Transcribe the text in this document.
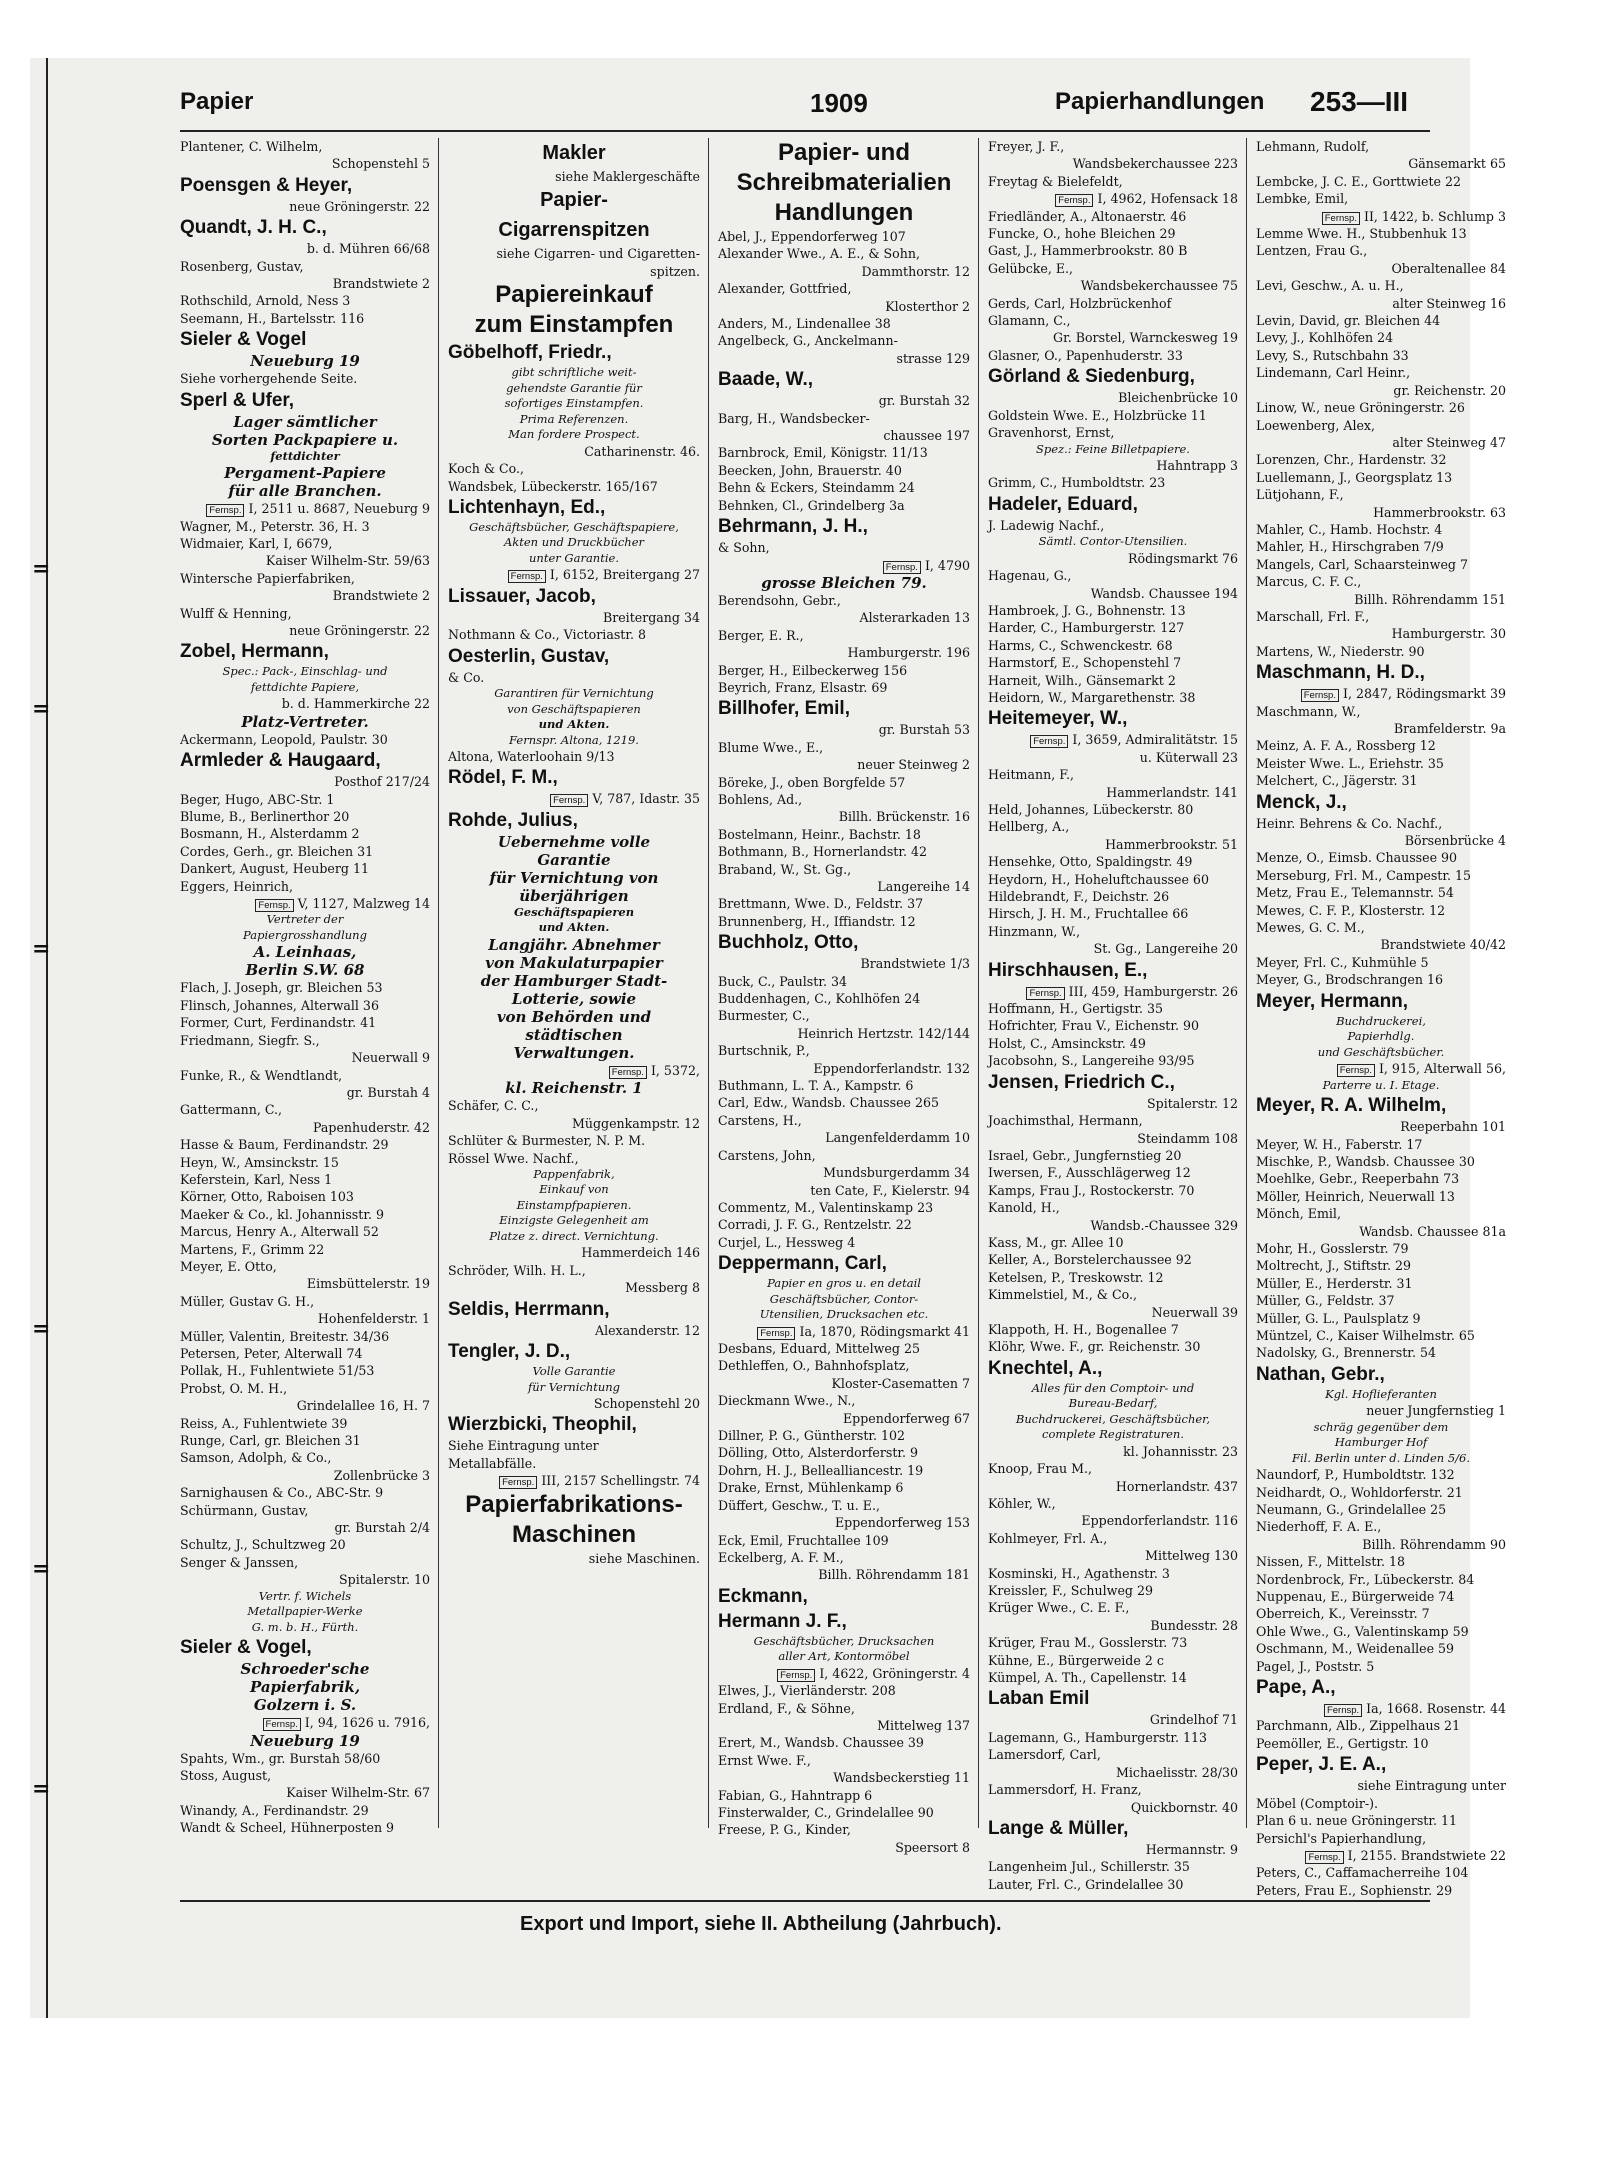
=
=
=
=
=
=
Papier	1909	Papierhandlungen 253—III

Plantener, C. Wilhelm,

Schopenstehl 5

Poensgen & Heyer,

neue Gröningerstr. 22

Quandt, J. H. C.,

b. d. Mühren 66/68

Rosenberg, Gustav,

Brandstwiete 2

Rothschild, Arnold, Ness 3

Seemann, H., Bartelsstr. 116

Sieler & Vogel

Neueburg 19

Siehe vorhergehende Seite.

Sperl & Ufer,

Lager sämtlicher

Sorten Packpapiere u.

fettdichter

Pergament-Papiere

für alle Branchen.

Fernsp. I, 2511 u. 8687, Neueburg 9

Wagner, M., Peterstr. 36, H. 3

Widmaier, Karl, I, 6679,

Kaiser Wilhelm-Str. 59/63

Wintersche Papierfabriken,

Brandstwiete 2

Wulff & Henning,

neue Gröningerstr. 22

Zobel, Hermann,

Spec.: Pack-, Einschlag- und

fettdichte Papiere,

b. d. Hammerkirche 22

Platz-Vertreter.

Ackermann, Leopold, Paulstr. 30

Armleder & Haugaard,

Posthof 217/24

Beger, Hugo, ABC-Str. 1

Blume, B., Berlinerthor 20

Bosmann, H., Alsterdamm 2

Cordes, Gerh., gr. Bleichen 31

Dankert, August, Heuberg 11

Eggers, Heinrich,

Fernsp. V, 1127, Malzweg 14

Vertreter der

Papiergrosshandlung

A. Leinhaas,

Berlin S.W. 68

Flach, J. Joseph, gr. Bleichen 53

Flinsch, Johannes, Alterwall 36

Former, Curt, Ferdinandstr. 41

Friedmann, Siegfr. S.,

Neuerwall 9

Funke, R., & Wendtlandt,

gr. Burstah 4

Gattermann, C.,

Papenhuderstr. 42

Hasse & Baum, Ferdinandstr. 29

Heyn, W., Amsinckstr. 15

Keferstein, Karl, Ness 1

Körner, Otto, Raboisen 103

Maeker & Co., kl. Johannisstr. 9

Marcus, Henry A., Alterwall 52

Martens, F., Grimm 22

Meyer, E. Otto,

Eimsbüttelerstr. 19

Müller, Gustav G. H.,

Hohenfelderstr. 1

Müller, Valentin, Breitestr. 34/36

Petersen, Peter, Alterwall 74

Pollak, H., Fuhlentwiete 51/53

Probst, O. M. H.,

Grindelallee 16, H. 7

Reiss, A., Fuhlentwiete 39

Runge, Carl, gr. Bleichen 31

Samson, Adolph, & Co.,

Zollenbrücke 3

Sarnighausen & Co., ABC-Str. 9

Schürmann, Gustav,

gr. Burstah 2/4

Schultz, J., Schultzweg 20

Senger & Janssen,

Spitalerstr. 10

Vertr. f. Wichels

Metallpapier-Werke

G. m. b. H., Fürth.

Sieler & Vogel,

Schroeder'sche

Papierfabrik,

Golzern i. S.

Fernsp. I, 94, 1626 u. 7916,

Neueburg 19

Spahts, Wm., gr. Burstah 58/60

Stoss, August,

Kaiser Wilhelm-Str. 67

Winandy, A., Ferdinandstr. 29

Wandt & Scheel, Hühnerposten 9

Makler

siehe Maklergeschäfte

Papier-

Cigarrenspitzen

siehe Cigarren- und Cigaretten-

spitzen.

Papiereinkauf

zum Einstampfen

Göbelhoff, Friedr.,

gibt schriftliche weit-

gehendste Garantie für

sofortiges Einstampfen.

Prima Referenzen.

Man fordere Prospect.

Catharinenstr. 46.

Koch & Co.,

Wandsbek, Lübeckerstr. 165/167

Lichtenhayn, Ed.,

Geschäftsbücher, Geschäftspapiere,

Akten und Druckbücher

unter Garantie.

Fernsp. I, 6152, Breitergang 27

Lissauer, Jacob,

Breitergang 34

Nothmann & Co., Victoriastr. 8

Oesterlin, Gustav,

& Co.

Garantiren für Vernichtung

von Geschäftspapieren

und Akten.

Fernspr. Altona, 1219.

Altona, Waterloohain 9/13

Rödel, F. M.,

Fernsp. V, 787, Idastr. 35

Rohde, Julius,

Uebernehme volle

Garantie

für Vernichtung von

überjährigen

Geschäftspapieren

und Akten.

Langjähr. Abnehmer

von Makulaturpapier

der Hamburger Stadt-

Lotterie, sowie

von Behörden und

städtischen

Verwaltungen.

Fernsp. I, 5372,

kl. Reichenstr. 1

Schäfer, C. C.,

Müggenkampstr. 12

Schlüter & Burmester, N. P. M.

Rössel Wwe. Nachf.,

Pappenfabrik,

Einkauf von

Einstampfpapieren.

Einzigste Gelegenheit am

Platze z. direct. Vernichtung.

Hammerdeich 146

Schröder, Wilh. H. L.,

Messberg 8

Seldis, Herrmann,

Alexanderstr. 12

Tengler, J. D.,

Volle Garantie

für Vernichtung

Schopenstehl 20

Wierzbicki, Theophil,

Siehe Eintragung unter

Metallabfälle.

Fernsp. III, 2157 Schellingstr. 74

Papierfabrikations-

Maschinen

siehe Maschinen.

Papier- und

Schreibmaterialien

Handlungen

Abel, J., Eppendorferweg 107

Alexander Wwe., A. E., & Sohn,

Dammthorstr. 12

Alexander, Gottfried,

Klosterthor 2

Anders, M., Lindenallee 38

Angelbeck, G., Anckelmann-

strasse 129

Baade, W.,

gr. Burstah 32

Barg, H., Wandsbecker-

chaussee 197

Barnbrock, Emil, Königstr. 11/13

Beecken, John, Brauerstr. 40

Behn & Eckers, Steindamm 24

Behnken, Cl., Grindelberg 3a

Behrmann, J. H.,

& Sohn,

Fernsp. I, 4790

grosse Bleichen 79.

Berendsohn, Gebr.,

Alsterarkaden 13

Berger, E. R.,

Hamburgerstr. 196

Berger, H., Eilbeckerweg 156

Beyrich, Franz, Elsastr. 69

Billhofer, Emil,

gr. Burstah 53

Blume Wwe., E.,

neuer Steinweg 2

Böreke, J., oben Borgfelde 57

Bohlens, Ad.,

Billh. Brückenstr. 16

Bostelmann, Heinr., Bachstr. 18

Bothmann, B., Hornerlandstr. 42

Braband, W., St. Gg.,

Langereihe 14

Brettmann, Wwe. D., Feldstr. 37

Brunnenberg, H., Iffiandstr. 12

Buchholz, Otto,

Brandstwiete 1/3

Buck, C., Paulstr. 34

Buddenhagen, C., Kohlhöfen 24

Burmester, C.,

Heinrich Hertzstr. 142/144

Burtschnik, P.,

Eppendorferlandstr. 132

Buthmann, L. T. A., Kampstr. 6

Carl, Edw., Wandsb. Chaussee 265

Carstens, H.,

Langenfelderdamm 10

Carstens, John,

Mundsburgerdamm 34

ten Cate, F., Kielerstr. 94

Commentz, M., Valentinskamp 23

Corradi, J. F. G., Rentzelstr. 22

Curjel, L., Hessweg 4

Deppermann, Carl,

Papier en gros u. en detail

Geschäftsbücher, Contor-

Utensilien, Drucksachen etc.

Fernsp. Ia, 1870, Rödingsmarkt 41

Desbans, Eduard, Mittelweg 25

Dethleffen, O., Bahnhofsplatz,

Kloster-Casematten 7

Dieckmann Wwe., N.,

Eppendorferweg 67

Dillner, P. G., Güntherstr. 102

Dölling, Otto, Alsterdorferstr. 9

Dohrn, H. J., Bellealliancestr. 19

Drake, Ernst, Mühlenkamp 6

Düffert, Geschw., T. u. E.,

Eppendorferweg 153

Eck, Emil, Fruchtallee 109

Eckelberg, A. F. M.,

Billh. Röhrendamm 181

Eckmann,

Hermann J. F.,

Geschäftsbücher, Drucksachen

aller Art, Kontormöbel

Fernsp. I, 4622, Gröningerstr. 4

Elwes, J., Vierländerstr. 208

Erdland, F., & Söhne,

Mittelweg 137

Erert, M., Wandsb. Chaussee 39

Ernst Wwe. F.,

Wandsbeckerstieg 11

Fabian, G., Hahntrapp 6

Finsterwalder, C., Grindelallee 90

Freese, P. G., Kinder,

Speersort 8

Freyer, J. F.,

Wandsbekerchaussee 223

Freytag & Bielefeldt,

Fernsp. I, 4962, Hofensack 18

Friedländer, A., Altonaerstr. 46

Funcke, O., hohe Bleichen 29

Gast, J., Hammerbrookstr. 80 B

Gelübcke, E.,

Wandsbekerchaussee 75

Gerds, Carl, Holzbrückenhof

Glamann, C.,

Gr. Borstel, Warnckesweg 19

Glasner, O., Papenhuderstr. 33

Görland & Siedenburg,

Bleichenbrücke 10

Goldstein Wwe. E., Holzbrücke 11

Gravenhorst, Ernst,

Spez.: Feine Billetpapiere.

Hahntrapp 3

Grimm, C., Humboldtstr. 23

Hadeler, Eduard,

J. Ladewig Nachf.,

Sämtl. Contor-Utensilien.

Rödingsmarkt 76

Hagenau, G.,

Wandsb. Chaussee 194

Hambroek, J. G., Bohnenstr. 13

Harder, C., Hamburgerstr. 127

Harms, C., Schwenckestr. 68

Harmstorf, E., Schopenstehl 7

Harneit, Wilh., Gänsemarkt 2

Heidorn, W., Margarethenstr. 38

Heitemeyer, W.,

Fernsp. I, 3659, Admiralitätstr. 15

u. Küterwall 23

Heitmann, F.,

Hammerlandstr. 141

Held, Johannes, Lübeckerstr. 80

Hellberg, A.,

Hammerbrookstr. 51

Hensehke, Otto, Spaldingstr. 49

Heydorn, H., Hoheluftchaussee 60

Hildebrandt, F., Deichstr. 26

Hirsch, J. H. M., Fruchtallee 66

Hinzmann, W.,

St. Gg., Langereihe 20

Hirschhausen, E.,

Fernsp. III, 459, Hamburgerstr. 26

Hoffmann, H., Gertigstr. 35

Hofrichter, Frau V., Eichenstr. 90

Holst, C., Amsinckstr. 49

Jacobsohn, S., Langereihe 93/95

Jensen, Friedrich C.,

Spitalerstr. 12

Joachimsthal, Hermann,

Steindamm 108

Israel, Gebr., Jungfernstieg 20

Iwersen, F., Ausschlägerweg 12

Kamps, Frau J., Rostockerstr. 70

Kanold, H.,

Wandsb.-Chaussee 329

Kass, M., gr. Allee 10

Keller, A., Borstelerchaussee 92

Ketelsen, P., Treskowstr. 12

Kimmelstiel, M., & Co.,

Neuerwall 39

Klappoth, H. H., Bogenallee 7

Klöhr, Wwe. F., gr. Reichenstr. 30

Knechtel, A.,

Alles für den Comptoir- und

Bureau-Bedarf,

Buchdruckerei, Geschäftsbücher,

complete Registraturen.

kl. Johannisstr. 23

Knoop, Frau M.,

Hornerlandstr. 437

Köhler, W.,

Eppendorferlandstr. 116

Kohlmeyer, Frl. A.,

Mittelweg 130

Kosminski, H., Agathenstr. 3

Kreissler, F., Schulweg 29

Krüger Wwe., C. E. F.,

Bundesstr. 28

Krüger, Frau M., Gosslerstr. 73

Kühne, E., Bürgerweide 2 c

Kümpel, A. Th., Capellenstr. 14

Laban Emil

Grindelhof 71

Lagemann, G., Hamburgerstr. 113

Lamersdorf, Carl,

Michaelisstr. 28/30

Lammersdorf, H. Franz,

Quickbornstr. 40

Lange & Müller,

Hermannstr. 9

Langenheim Jul., Schillerstr. 35

Lauter, Frl. C., Grindelallee 30

Lehmann, Rudolf,

Gänsemarkt 65

Lembcke, J. C. E., Gorttwiete 22

Lembke, Emil,

Fernsp. II, 1422, b. Schlump 3

Lemme Wwe. H., Stubbenhuk 13

Lentzen, Frau G.,

Oberaltenallee 84

Levi, Geschw., A. u. H.,

alter Steinweg 16

Levin, David, gr. Bleichen 44

Levy, J., Kohlhöfen 24

Levy, S., Rutschbahn 33

Lindemann, Carl Heinr.,

gr. Reichenstr. 20

Linow, W., neue Gröningerstr. 26

Loewenberg, Alex,

alter Steinweg 47

Lorenzen, Chr., Hardenstr. 32

Luellemann, J., Georgsplatz 13

Lütjohann, F.,

Hammerbrookstr. 63

Mahler, C., Hamb. Hochstr. 4

Mahler, H., Hirschgraben 7/9

Mangels, Carl, Schaarsteinweg 7

Marcus, C. F. C.,

Billh. Röhrendamm 151

Marschall, Frl. F.,

Hamburgerstr. 30

Martens, W., Niederstr. 90

Maschmann, H. D.,

Fernsp. I, 2847, Rödingsmarkt 39

Maschmann, W.,

Bramfelderstr. 9a

Meinz, A. F. A., Rossberg 12

Meister Wwe. L., Eriehstr. 35

Melchert, C., Jägerstr. 31

Menck, J.,

Heinr. Behrens & Co. Nachf.,

Börsenbrücke 4

Menze, O., Eimsb. Chaussee 90

Merseburg, Frl. M., Campestr. 15

Metz, Frau E., Telemannstr. 54

Mewes, C. F. P., Klosterstr. 12

Mewes, G. C. M.,

Brandstwiete 40/42

Meyer, Frl. C., Kuhmühle 5

Meyer, G., Brodschrangen 16

Meyer, Hermann,

Buchdruckerei,

Papierhdlg.

und Geschäftsbücher.

Fernsp. I, 915, Alterwall 56,

Parterre u. I. Etage.

Meyer, R. A. Wilhelm,

Reeperbahn 101

Meyer, W. H., Faberstr. 17

Mischke, P., Wandsb. Chaussee 30

Moehlke, Gebr., Reeperbahn 73

Möller, Heinrich, Neuerwall 13

Mönch, Emil,

Wandsb. Chaussee 81a

Mohr, H., Gosslerstr. 79

Moltrecht, J., Stiftstr. 29

Müller, E., Herderstr. 31

Müller, G., Feldstr. 37

Müller, G. L., Paulsplatz 9

Müntzel, C., Kaiser Wilhelmstr. 65

Nadolsky, G., Brennerstr. 54

Nathan, Gebr.,

Kgl. Hoflieferanten

neuer Jungfernstieg 1

schräg gegenüber dem

Hamburger Hof

Fil. Berlin unter d. Linden 5/6.

Naundorf, P., Humboldtstr. 132

Neidhardt, O., Wohldorferstr. 21

Neumann, G., Grindelallee 25

Niederhoff, F. A. E.,

Billh. Röhrendamm 90

Nissen, F., Mittelstr. 18

Nordenbrock, Fr., Lübeckerstr. 84

Nuppenau, E., Bürgerweide 74

Oberreich, K., Vereinsstr. 7

Ohle Wwe., G., Valentinskamp 59

Oschmann, M., Weidenallee 59

Pagel, J., Poststr. 5

Pape, A.,

Fernsp. Ia, 1668. Rosenstr. 44

Parchmann, Alb., Zippelhaus 21

Peemöller, E., Gertigstr. 10

Peper, J. E. A.,

siehe Eintragung unter

Möbel (Comptoir-).

Plan 6 u. neue Gröningerstr. 11

Persichl's Papierhandlung,

Fernsp. I, 2155. Brandstwiete 22

Peters, C., Caffamacherreihe 104

Peters, Frau E., Sophienstr. 29

Export und Import, siehe II. Abtheilung (Jahrbuch).
